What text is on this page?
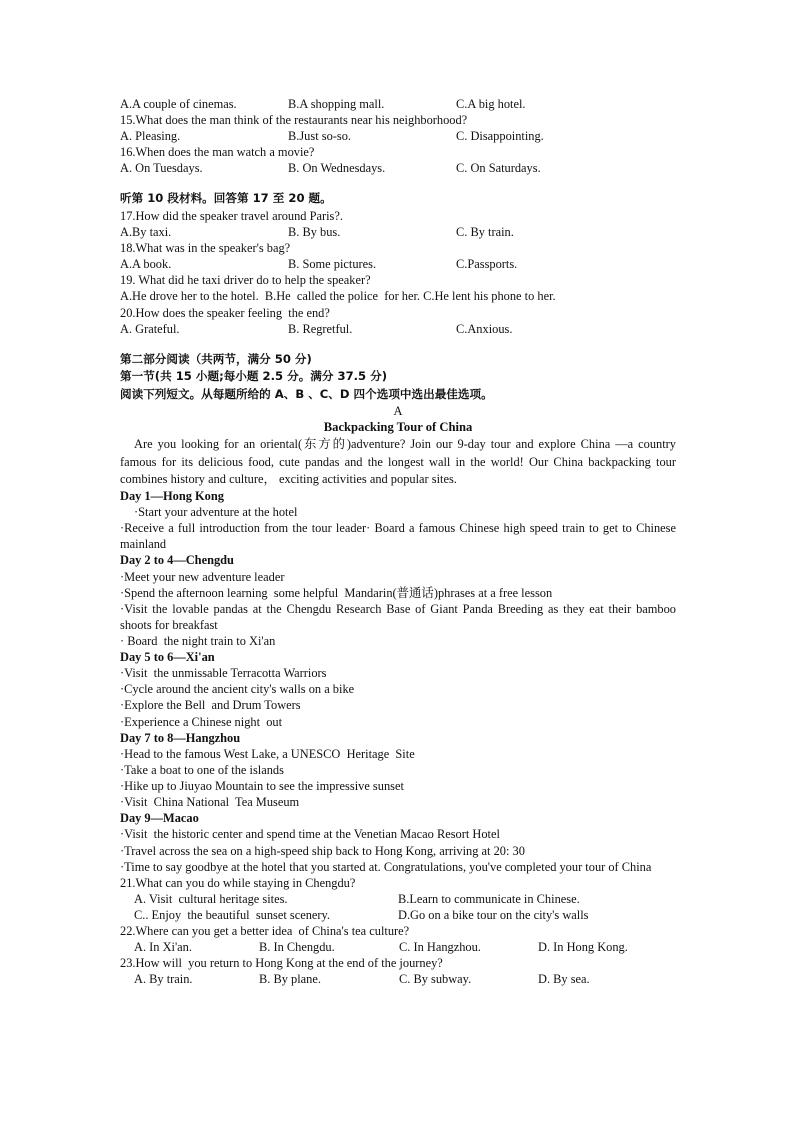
A.A couple of cinemas.	B.A shopping mall.	C.A big hotel.
15.What does the man think of the restaurants near his neighborhood?
A. Pleasing.	B.Just so-so.	C. Disappointing.
16.When does the man watch a movie?
A. On Tuesdays.	B. On Wednesdays.	C. On Saturdays.
听第 10 段材料。回答第 17 至 20 题。
17.How did the speaker travel around Paris?.
A.By taxi.	B. By bus.	C. By train.
18.What was in the speaker's bag?
A.A book.	B. Some pictures.	C.Passports.
19. What did he taxi driver do to help the speaker?
A.He drove her to the hotel.  B.He  called the police  for her. C.He lent his phone to her.
20.How does the speaker feeling  the end?
A. Grateful.	B. Regretful.	C.Anxious.
第二部分阅读（共两节，满分 50 分)
第一节(共 15 小题;每小题 2.5 分。满分 37.5 分)
阅读下列短文。从每题所给的 A、B 、C、D 四个选项中选出最佳选项。
A
Backpacking Tour of China
Are you looking for an oriental(东方的)adventure? Join our 9-day tour and explore China —a country famous for its delicious food, cute pandas and the longest wall in the world! Our China backpacking tour combines history and culture， exciting activities and popular sites.
Day 1—Hong Kong
·Start your adventure at the hotel
·Receive a full introduction from the tour leader· Board a famous Chinese high speed train to get to Chinese mainland
Day 2 to 4—Chengdu
·Meet your new adventure leader
·Spend the afternoon learning  some helpful  Mandarin(普通话)phrases at a free lesson
·Visit the lovable pandas at the Chengdu Research Base of Giant Panda Breeding as they eat their bamboo shoots for breakfast
· Board  the night train to Xi'an
Day 5 to 6—Xi'an
·Visit  the unmissable Terracotta Warriors
·Cycle around the ancient city's walls on a bike
·Explore the Bell  and Drum Towers
·Experience a Chinese night  out
Day 7 to 8—Hangzhou
·Head to the famous West Lake, a UNESCO  Heritage  Site
·Take a boat to one of the islands
·Hike up to Jiuyao Mountain to see the impressive sunset
·Visit  China National  Tea Museum
Day 9—Macao
·Visit  the historic center and spend time at the Venetian Macao Resort Hotel
·Travel across the sea on a high-speed ship back to Hong Kong, arriving at 20: 30
·Time to say goodbye at the hotel that you started at. Congratulations, you've completed your tour of China
21.What can you do while staying in Chengdu?
A. Visit  cultural heritage sites.	B.Learn to communicate in Chinese.
C.. Enjoy  the beautiful  sunset scenery.	D.Go on a bike tour on the city's walls
22.Where can you get a better idea  of China's tea culture?
A. In Xi'an.	B. In Chengdu.	C. In Hangzhou.	D. In Hong Kong.
23.How will  you return to Hong Kong at the end of the journey?
A. By train.	B. By plane.	C. By subway.	D. By sea.
